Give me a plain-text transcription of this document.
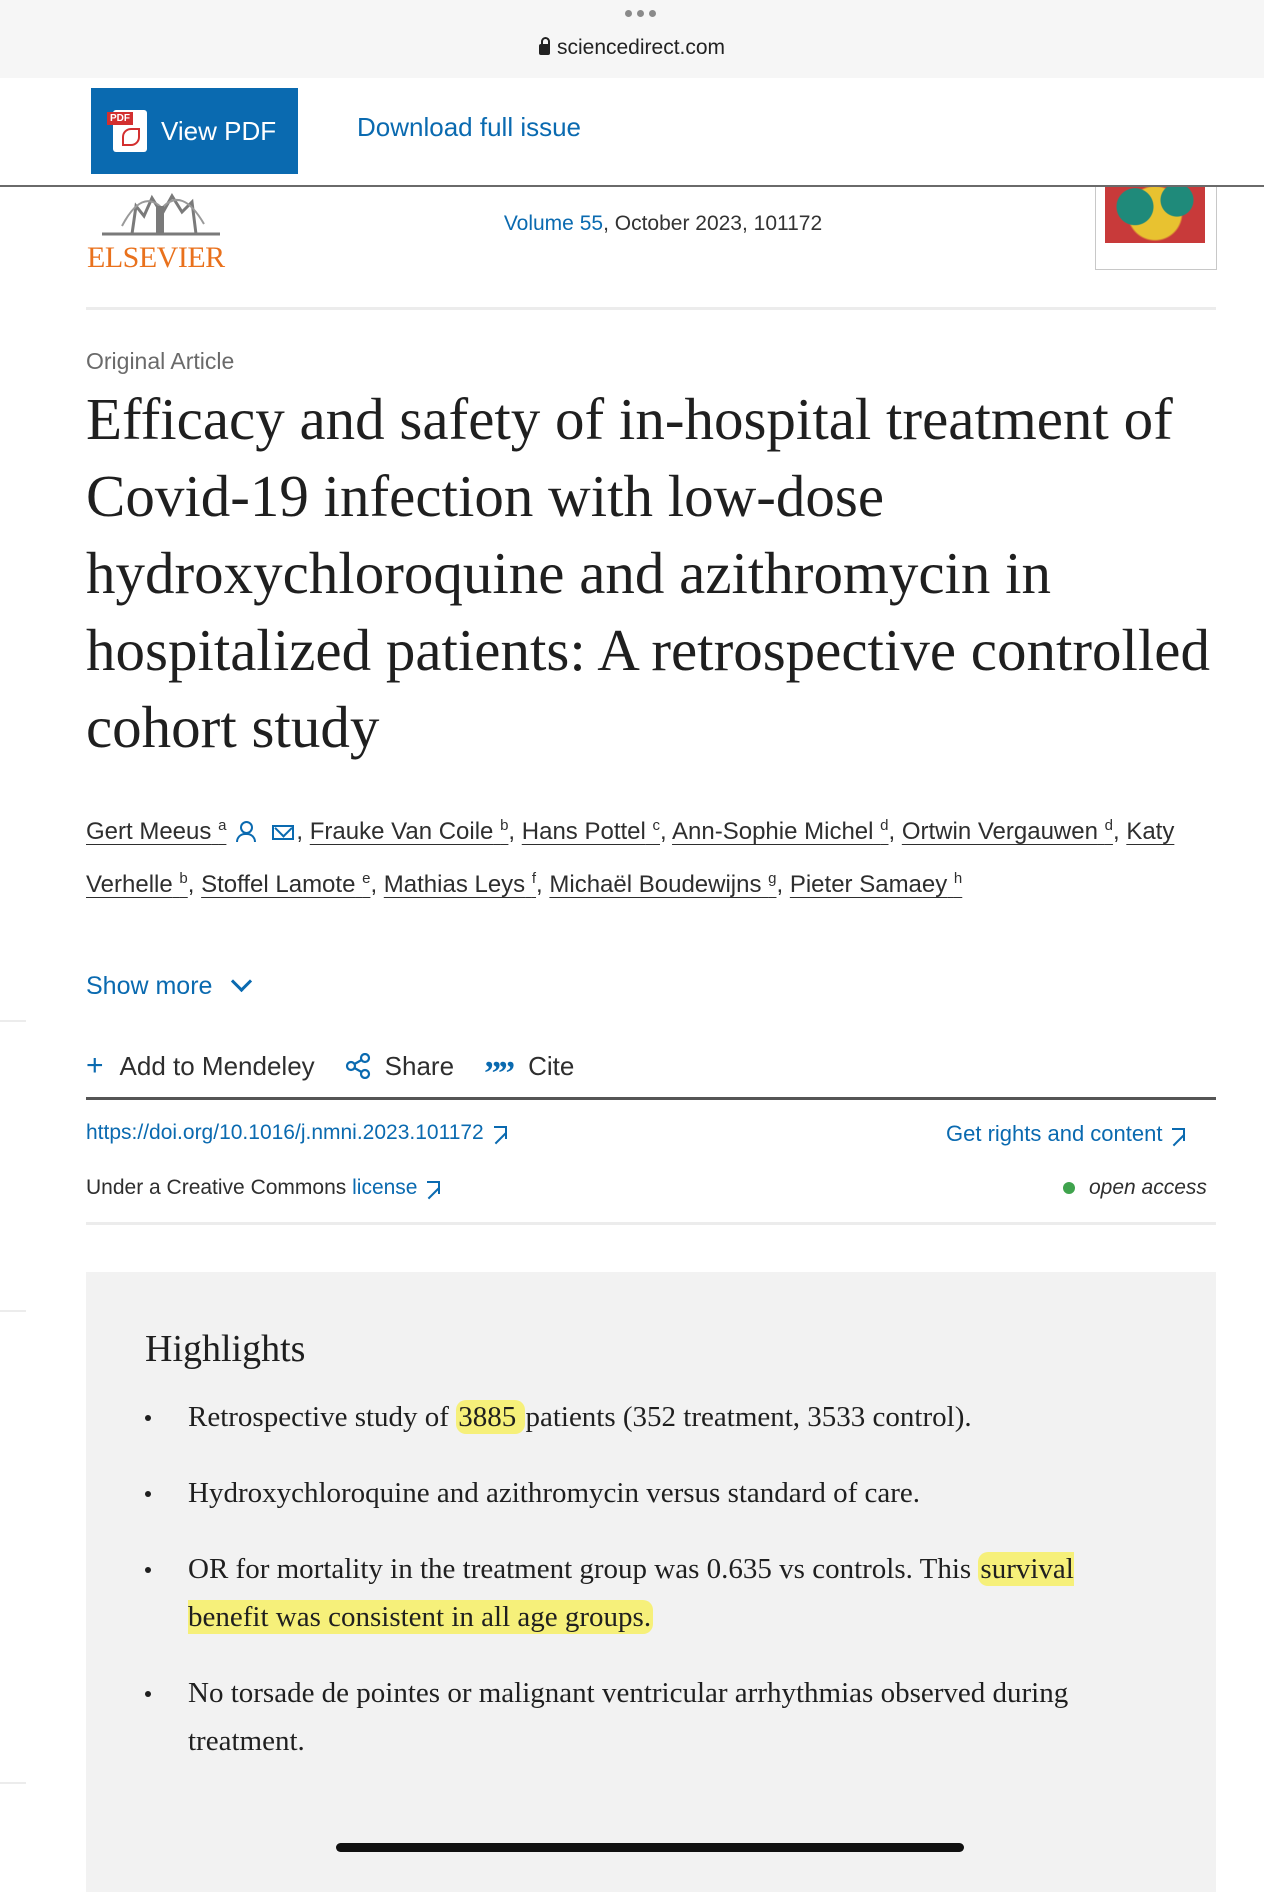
sciencedirect.com
PDF
View PDF	Download full issue
ELSEVIER
Volume 55, October 2023, 101172
Original Article
Efficacy and safety of in-hospital treatment of Covid-19 infection with low-dose hydroxychloroquine and azithromycin in hospitalized patients: A retrospective controlled cohort study
Gert Meeus $^a$	, Frauke Van Coile $^b$, Hans Pottel $^c$, Ann-Sophie Michel $^d$, Ortwin Vergauwen $^d$, Katy Verhelle $^b$, Stoffel Lamote $^e$, Mathias Leys $^f$, Michaël Boudewijns $^g$, Pieter Samaey $^h$
Show more
+ Add to Mendeley	Share ”” Cite
https://doi.org/10.1016/j.nmni.2023.101172	Get rights and content
Under a Creative Commons license	open access
Highlights
Retrospective study of 3885 patients (352 treatment, 3533 control).
Hydroxychloroquine and azithromycin versus standard of care.
OR for mortality in the treatment group was 0.635 vs controls. This survival benefit was consistent in all age groups.
No torsade de pointes or malignant ventricular arrhythmias observed during treatment.
